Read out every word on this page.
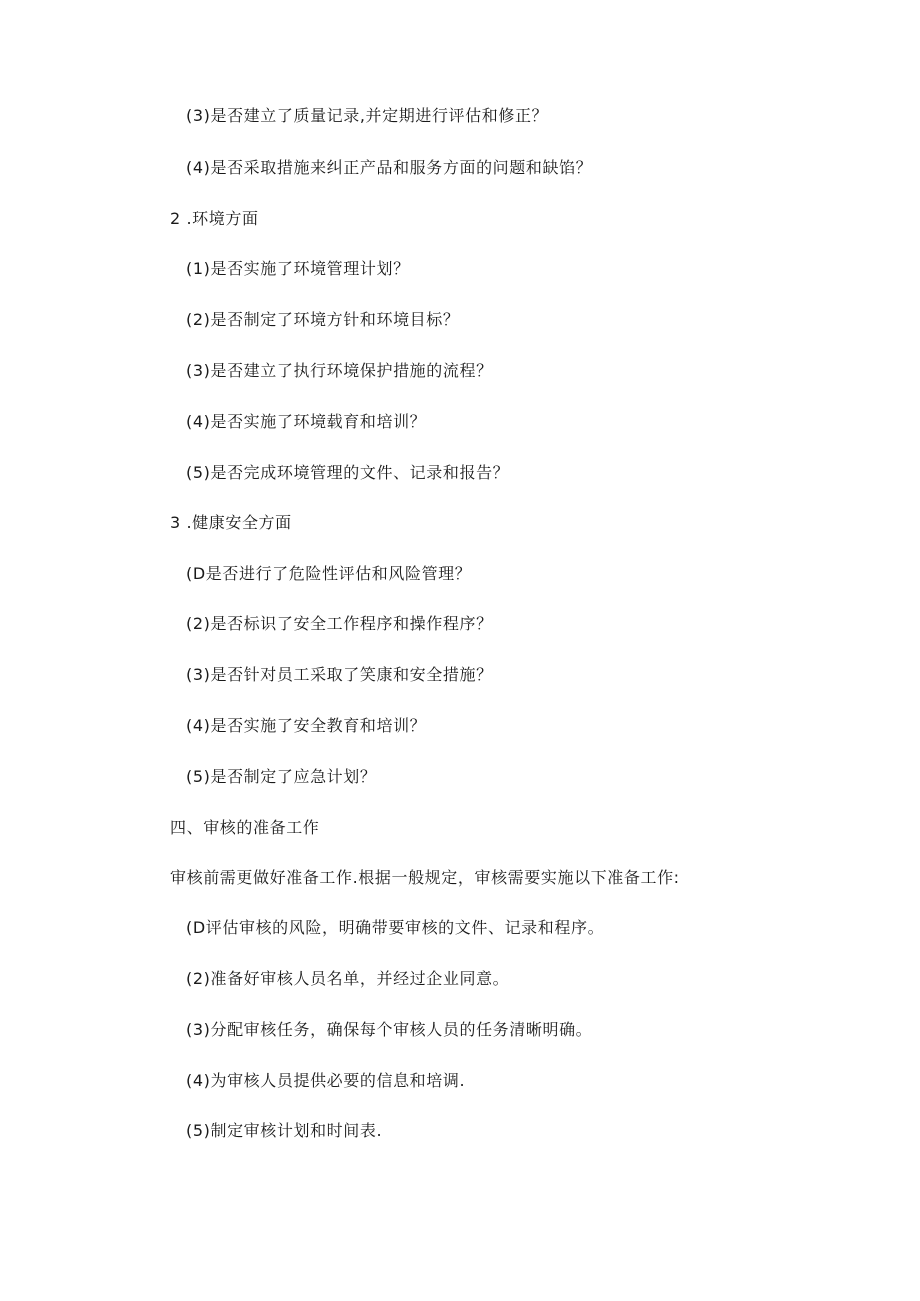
(3)是否建立了质量记录,并定期进行评估和修正？
(4)是否采取措施来纠正产品和服务方面的问题和缺馅？
2 .环境方面
(1)是否实施了环境管理计划？
(2)是否制定了环境方针和环境目标？
(3)是否建立了执行环境保护措施的流程？
(4)是否实施了环境载育和培训？
(5)是否完成环境管理的文件、记录和报告？
3 .健康安全方面
(D是否进行了危险性评估和风险管理？
(2)是否标识了安全工作程序和操作程序？
(3)是否针对员工采取了笑康和安全措施？
(4)是否实施了安全教育和培训？
(5)是否制定了应急计划？
四、审核的准备工作
审核前需更做好准备工作.根据一般规定，审核需要实施以下准备工作:
(D评估审核的风险，明确带要审核的文件、记录和程序。
(2)准备好审核人员名单，并经过企业同意。
(3)分配审核任务，确保每个审核人员的任务清晰明确。
(4)为审核人员提供必要的信息和培调.
(5)制定审核计划和时间表.
